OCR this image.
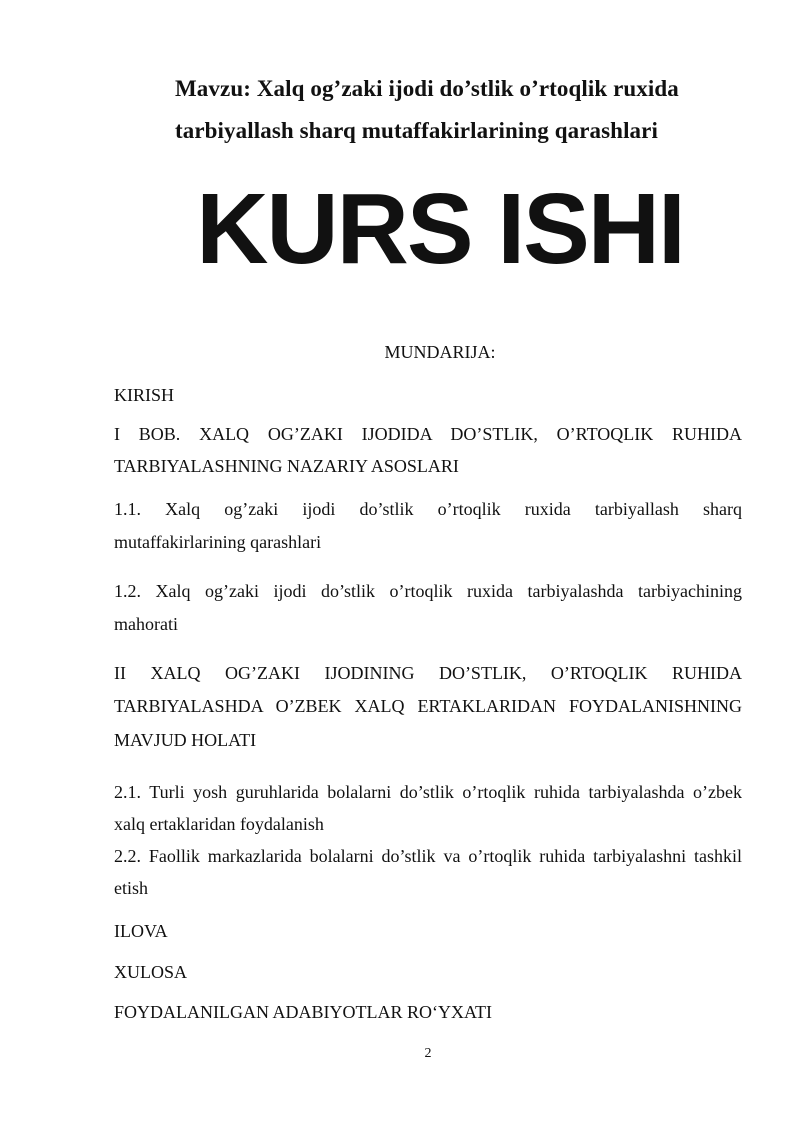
Mavzu: Xalq og’zaki ijodi do’stlik o’rtoqlik ruxida
tarbiyallash sharq mutaffakirlarining qarashlari
KURS ISHI
MUNDARIJA:
KIRISH
I BOB. XALQ OG’ZAKI IJODIDA DO’STLIK, O’RTOQLIK RUHIDA
TARBIYALASHNING NAZARIY ASOSLARI
1.1. Xalq og’zaki ijodi do’stlik o’rtoqlik ruxida tarbiyallash sharq
mutaffakirlarining qarashlari
1.2. Xalq og’zaki ijodi do’stlik o’rtoqlik ruxida tarbiyalashda tarbiyachining
mahorati
II XALQ OG’ZAKI IJODINING DO’STLIK, O’RTOQLIK RUHIDA
TARBIYALASHDA O’ZBEK XALQ ERTAKLARIDAN FOYDALANISHNING
MAVJUD HOLATI
2.1. Turli yosh guruhlarida bolalarni do’stlik o’rtoqlik ruhida tarbiyalashda o’zbek
xalq ertaklaridan foydalanish
2.2. Faollik markazlarida bolalarni do’stlik va o’rtoqlik ruhida tarbiyalashni tashkil
etish
ILOVA
XULOSA
FOYDALANILGAN ADABIYOTLAR RO‘YXATI
2
